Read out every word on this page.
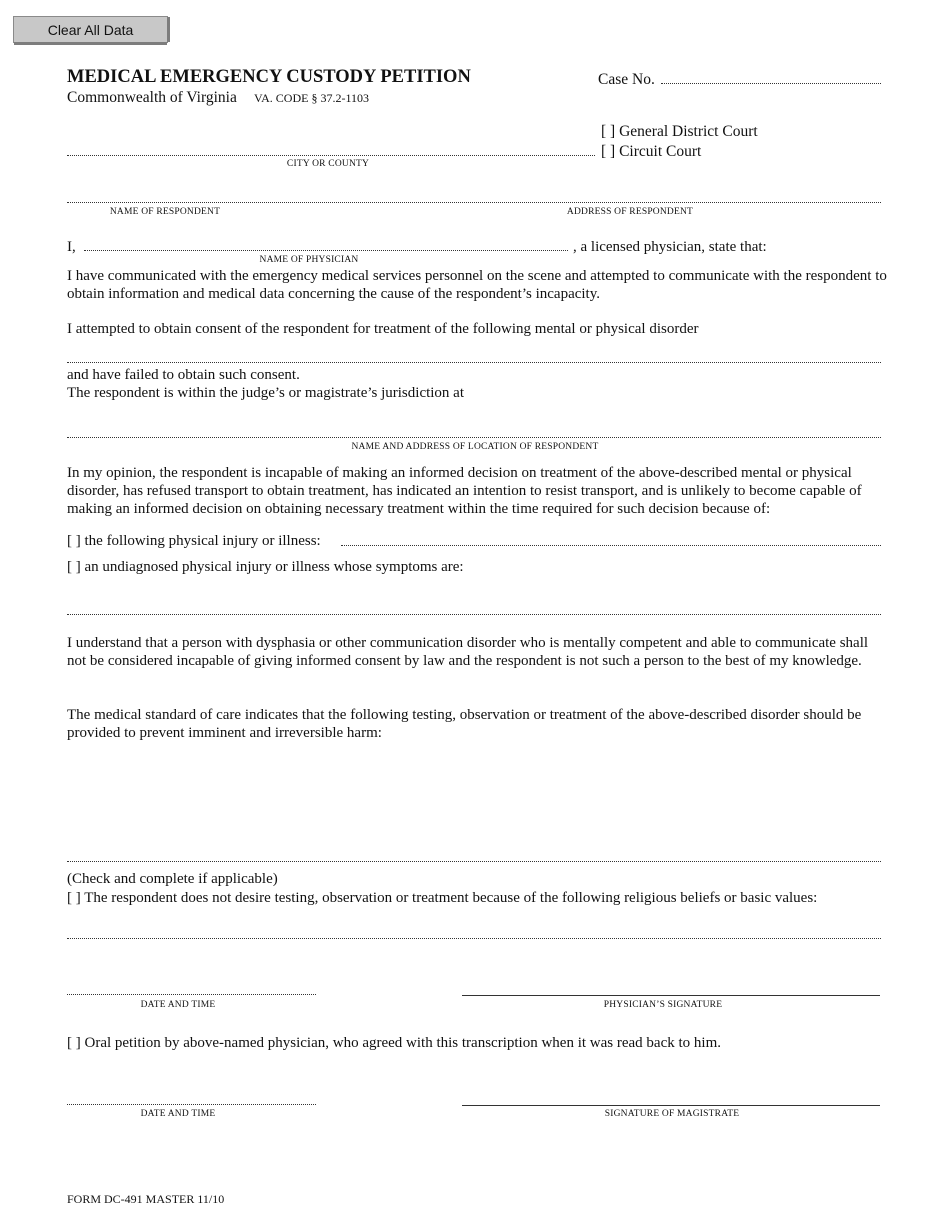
Clear All Data
MEDICAL EMERGENCY CUSTODY PETITION
Commonwealth of Virginia VA. CODE § 37.2-1103
Case No.
[ ] General District Court
[ ] Circuit Court
CITY OR COUNTY
NAME OF RESPONDENT	ADDRESS OF RESPONDENT
I,	, a licensed physician, state that:
NAME OF PHYSICIAN
I have communicated with the emergency medical services personnel on the scene and attempted to communicate with the respondent to obtain information and medical data concerning the cause of the respondent’s incapacity.
I attempted to obtain consent of the respondent for treatment of the following mental or physical disorder
and have failed to obtain such consent.
The respondent is within the judge’s or magistrate’s jurisdiction at
NAME AND ADDRESS OF LOCATION OF RESPONDENT
In my opinion, the respondent is incapable of making an informed decision on treatment of the above-described mental or physical disorder, has refused transport to obtain treatment, has indicated an intention to resist transport, and is unlikely to become capable of making an informed decision on obtaining necessary treatment within the time required for such decision because of:
[ ] the following physical injury or illness:
[ ] an undiagnosed physical injury or illness whose symptoms are:
I understand that a person with dysphasia or other communication disorder who is mentally competent and able to communicate shall not be considered incapable of giving informed consent by law and the respondent is not such a person to the best of my knowledge.
The medical standard of care indicates that the following testing, observation or treatment of the above-described disorder should be provided to prevent imminent and irreversible harm:
(Check and complete if applicable)
[ ] The respondent does not desire testing, observation or treatment because of the following religious beliefs or basic values:
DATE AND TIME	PHYSICIAN’S SIGNATURE
[ ] Oral petition by above-named physician, who agreed with this transcription when it was read back to him.
DATE AND TIME	SIGNATURE OF MAGISTRATE
FORM DC-491 MASTER 11/10
